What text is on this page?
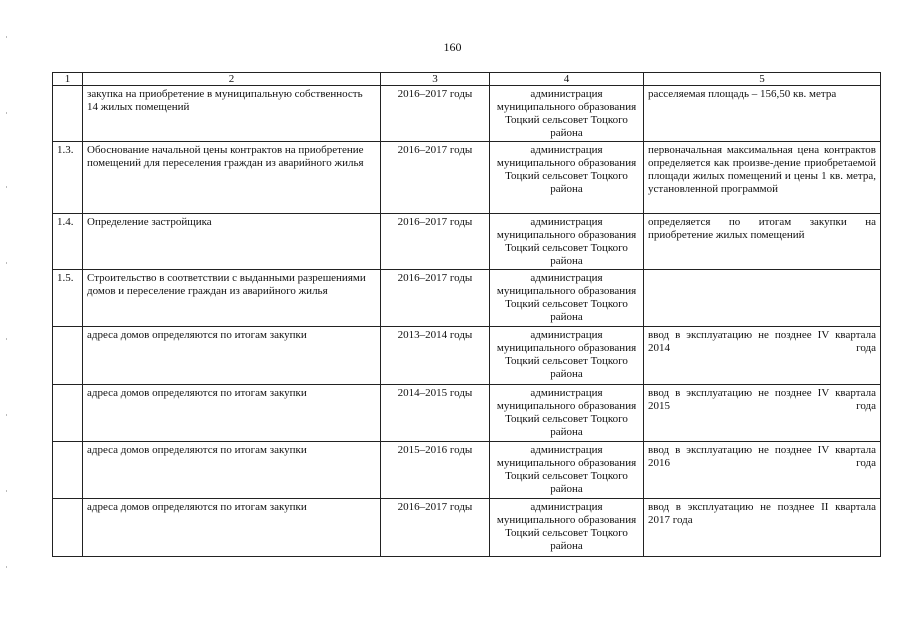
160
1	2	3	4	5
	закупка на приобретение в муниципальную собственность 14 жилых помещений	2016–2017 годы	администрация муниципального образования Тоцкий сельсовет Тоцкого района	расселяемая площадь – 156,50 кв. метра
1.3.	Обоснование начальной цены контрактов на приобретение помещений для переселения граждан из аварийного жилья	2016–2017 годы	администрация муниципального образования Тоцкий сельсовет Тоцкого района	первоначальная максимальная цена контрактов определяется как произве-дение приобретаемой площади жилых помещений и цены 1 кв. метра, установленной программой
1.4.	Определение застройщика	2016–2017 годы	администрация муниципального образования Тоцкий сельсовет Тоцкого района	определяется по итогам закупки на приобретение жилых помещений
1.5.	Строительство в соответствии с выданными разрешениями домов и переселение граждан из аварийного жилья	2016–2017 годы	администрация муниципального образования Тоцкий сельсовет Тоцкого района	
	адреса домов определяются по итогам закупки	2013–2014 годы	администрация муниципального образования Тоцкий сельсовет Тоцкого района	ввод в эксплуатацию не позднее IV квартала 2014 года
	адреса домов определяются по итогам закупки	2014–2015 годы	администрация муниципального образования Тоцкий сельсовет Тоцкого района	ввод в эксплуатацию не позднее IV квартала 2015 года
	адреса домов определяются по итогам закупки	2015–2016 годы	администрация муниципального образования Тоцкий сельсовет Тоцкого района	ввод в эксплуатацию не позднее IV квартала 2016 года
	адреса домов определяются по итогам закупки	2016–2017 годы	администрация муниципального образования Тоцкий сельсовет Тоцкого района	ввод в эксплуатацию не позднее II квартала 2017 года
